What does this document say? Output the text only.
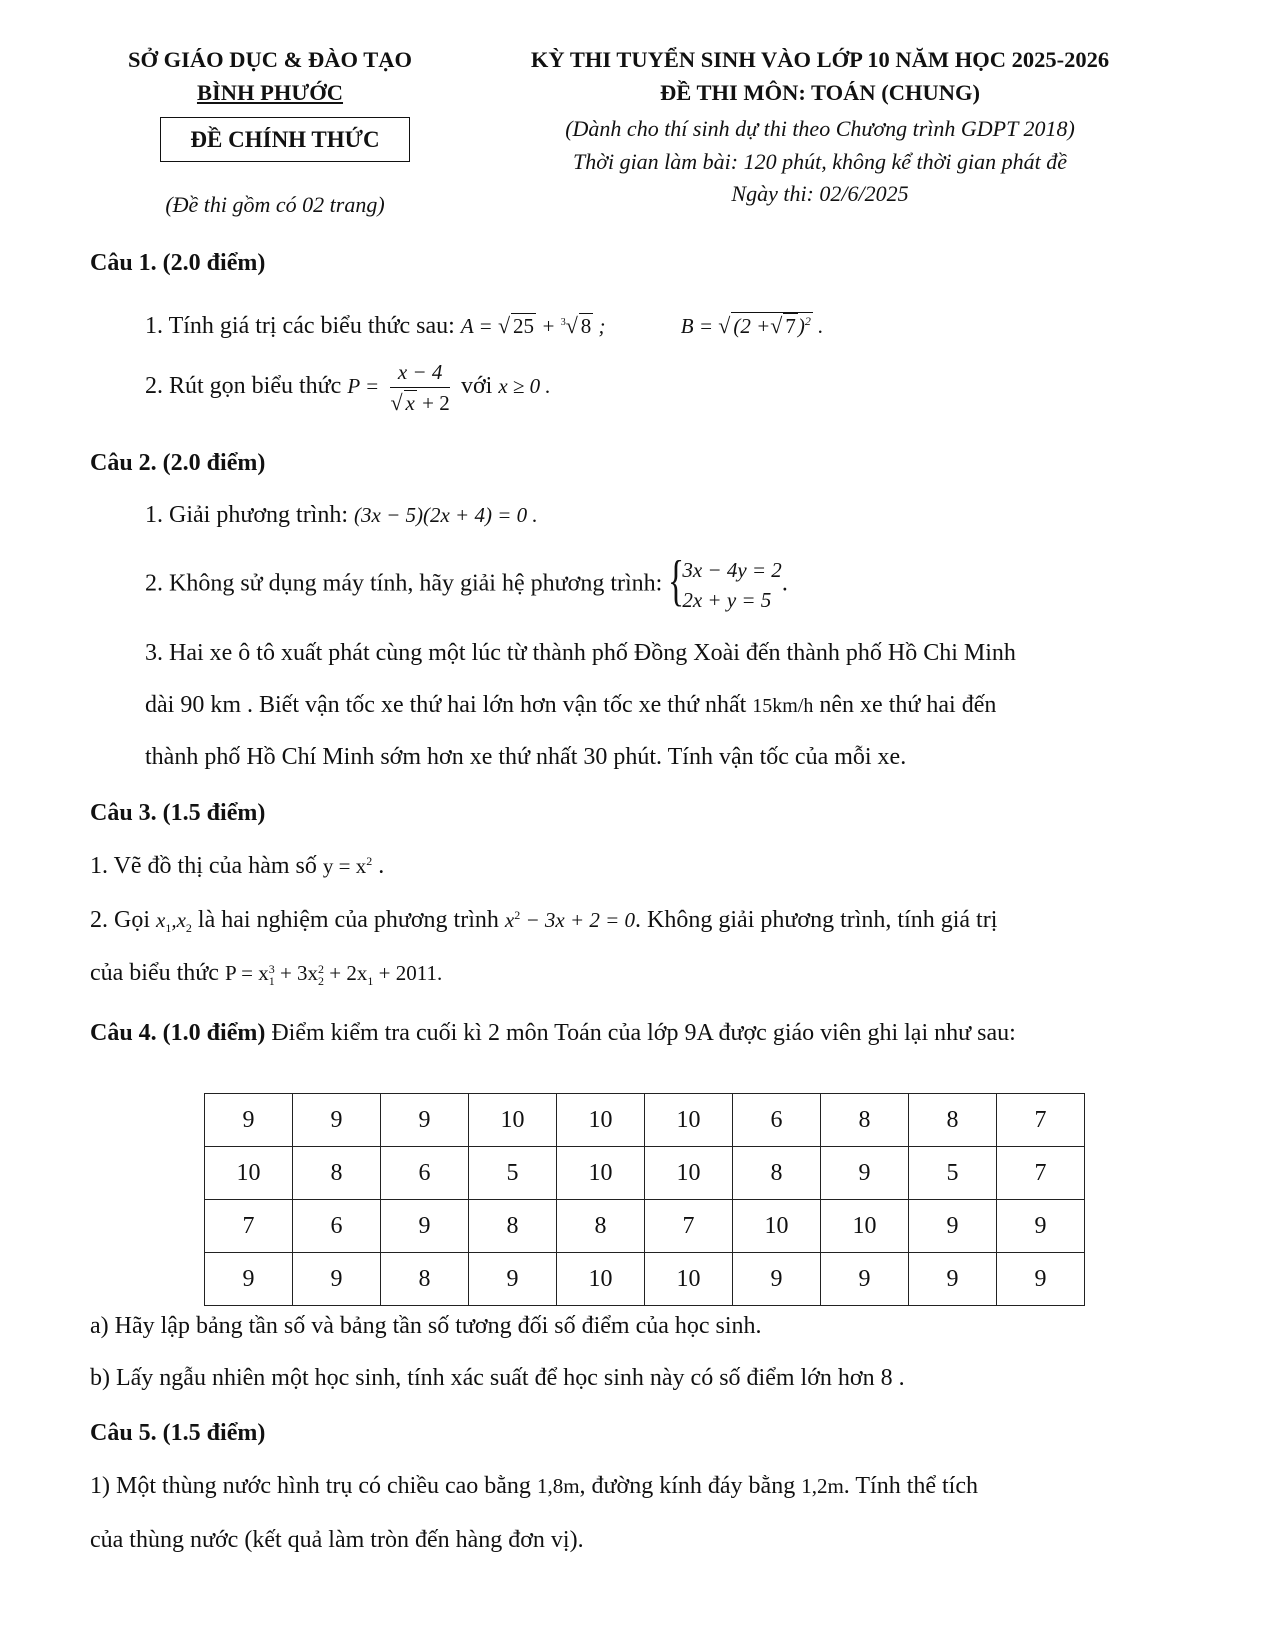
SỞ GIÁO DỤC & ĐÀO TẠO
BÌNH PHƯỚC
ĐỀ CHÍNH THỨC
(Đề thi gồm có 02 trang)
KỲ THI TUYỂN SINH VÀO LỚP 10 NĂM HỌC 2025-2026
ĐỀ THI MÔN: TOÁN (CHUNG)
(Dành cho thí sinh dự thi theo Chương trình GDPT 2018)
Thời gian làm bài: 120 phút, không kể thời gian phát đề
Ngày thi: 02/6/2025
Câu 1. (2.0 điểm)
1. Tính giá trị các biểu thức sau: A = √ 25 + $^3$√ 8 ;	B = √ (2 +√ 7)$^2$ .
2. Rút gọn biểu thức $P = \frac{x - 4}{√ x + 2}$ với x ≥ 0 .
Câu 2. (2.0 điểm)
1. Giải phương trình: (3x − 5)(2x + 4) = 0 .
2. Không sử dụng máy tính, hãy giải hệ phương trình: {
3x − 4y = 2
2x + y = 5
.
3. Hai xe ô tô xuất phát cùng một lúc từ thành phố Đồng Xoài đến thành phố Hồ Chi Minh
dài 90 km . Biết vận tốc xe thứ hai lớn hơn vận tốc xe thứ nhất 15km/h nên xe thứ hai đến
thành phố Hồ Chí Minh sớm hơn xe thứ nhất 30 phút. Tính vận tốc của mỗi xe.
Câu 3. (1.5 điểm)
1. Vẽ đồ thị của hàm số $y = x^2$ .
2. Gọi $x_1,x_2$ là hai nghiệm của phương trình $x^2 - 3x + 2 = 0$. Không giải phương trình, tính giá trị
của biểu thức P = x 3
1 + 3x 2
$2 + 2x_1 + 2011$.
Câu 4. (1.0 điểm) Điểm kiểm tra cuối kì 2 môn Toán của lớp 9A được giáo viên ghi lại như sau:
9	9	9	10	10	10	6	8	8	7
10	8	6	5	10	10	8	9	5	7
7	6	9	8	8	7	10	10	9	9
9	9	8	9	10	10	9	9	9	9
a) Hãy lập bảng tần số và bảng tần số tương đối số điểm của học sinh.
b) Lấy ngẫu nhiên một học sinh, tính xác suất để học sinh này có số điểm lớn hơn 8 .
Câu 5. (1.5 điểm)
1) Một thùng nước hình trụ có chiều cao bằng 1,8m, đường kính đáy bằng 1,2m. Tính thể tích
của thùng nước (kết quả làm tròn đến hàng đơn vị).
